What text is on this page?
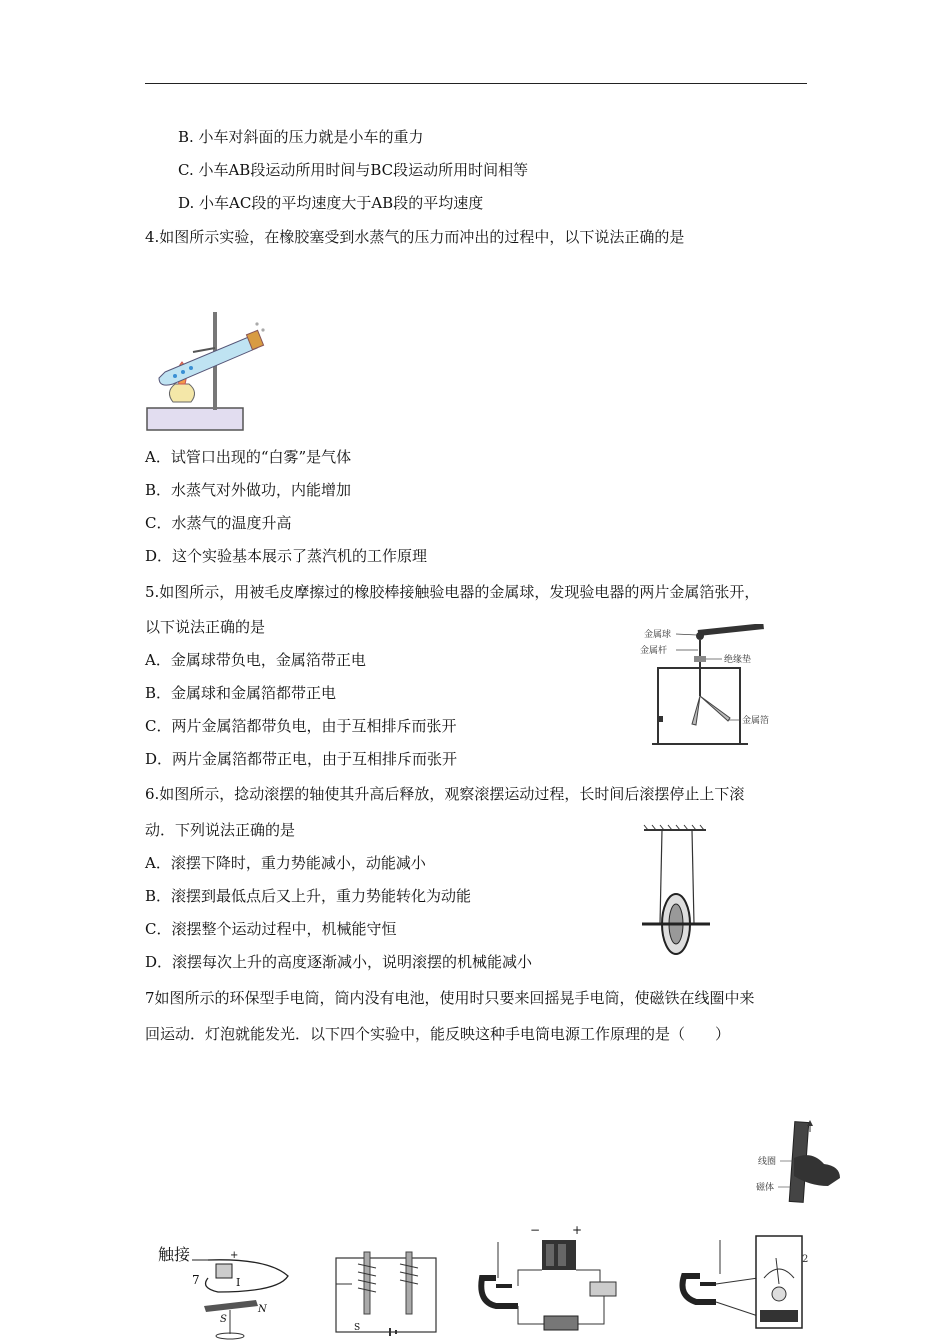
B. 小车对斜面的压力就是小车的重力
C. 小车AB段运动所用时间与BC段运动所用时间相等
D. 小车AC段的平均速度大于AB段的平均速度
4.如图所示实验，在橡胶塞受到水蒸气的压力而冲出的过程中，以下说法正确的是
A．试管口出现的“白雾”是气体
B．水蒸气对外做功，内能增加
C．水蒸气的温度升高
D．这个实验基本展示了蒸汽机的工作原理
5.如图所示，用被毛皮摩擦过的橡胶棒接触验电器的金属球，发现验电器的两片金属箔张开，
以下说法正确的是
A．金属球带负电，金属箔带正电
B．金属球和金属箔都带正电
C．两片金属箔都带负电，由于互相排斥而张开
D．两片金属箔都带正电，由于互相排斥而张开
金属球
金属杆
绝缘垫
金属箔
6.如图所示，捻动滚摆的轴使其升高后释放，观察滚摆运动过程，长时间后滚摆停止上下滚
动．下列说法正确的是
A．滚摆下降时，重力势能减小，动能减小
B．滚摆到最低点后又上升，重力势能转化为动能
C．滚摆整个运动过程中，机械能守恒
D．滚摆每次上升的高度逐渐减小，说明滚摆的机械能减小
7如图所示的环保型手电筒，筒内没有电池，使用时只要来回摇晃手电筒，使磁铁在线圈中来
回运动．灯泡就能发光．以下四个实验中，能反映这种手电筒电源工作原理的是（　　）
线圈
磁体
触接	+
I
7
S
N
S
−	+
2
